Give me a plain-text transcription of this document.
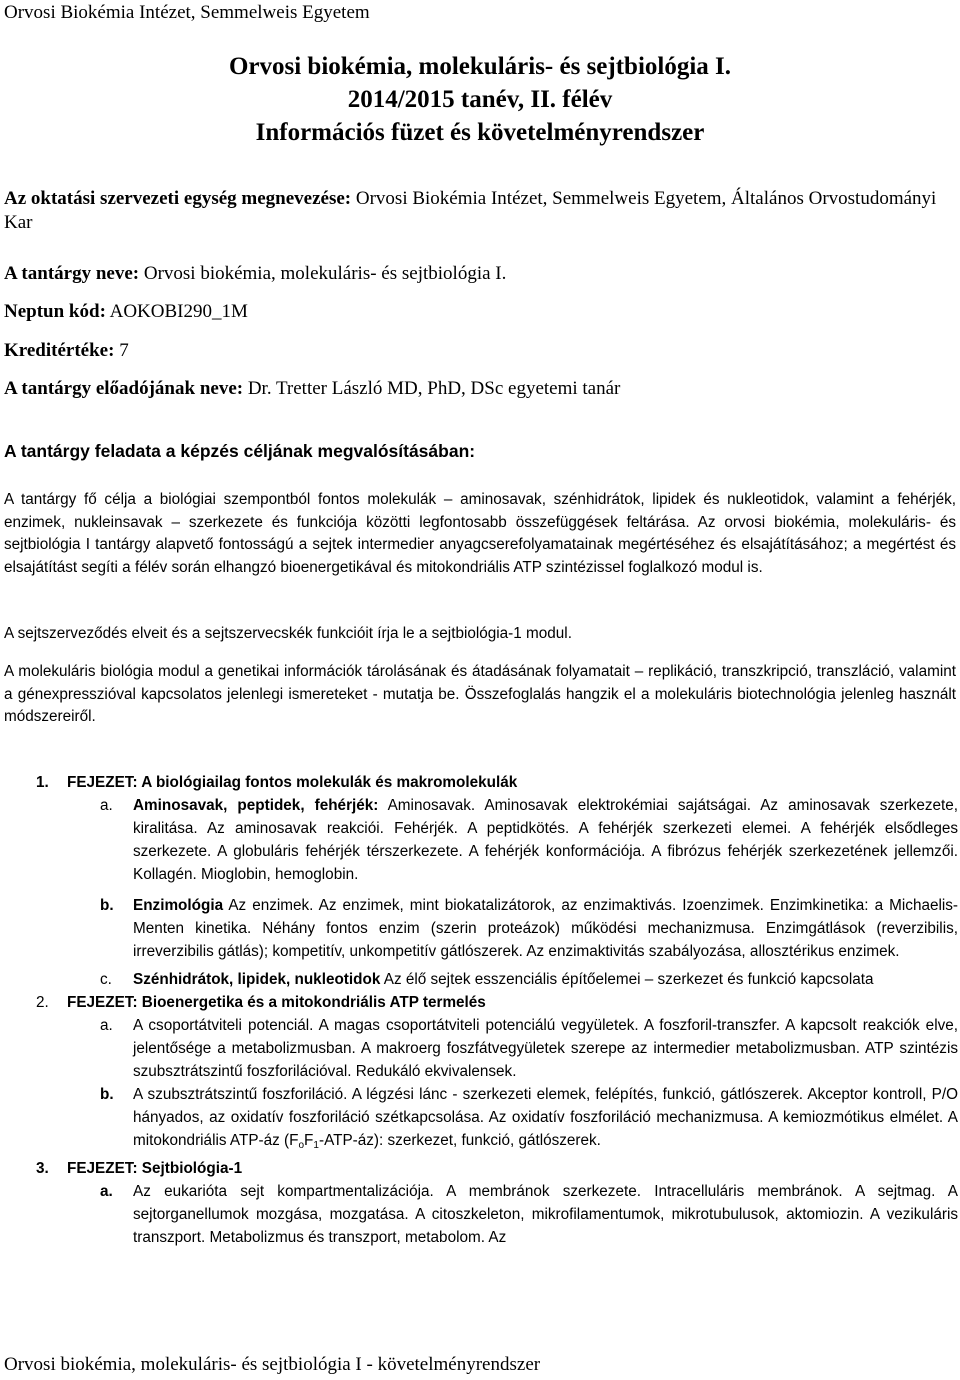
Orvosi Biokémia Intézet, Semmelweis Egyetem
Orvosi biokémia, molekuláris- és sejtbiológia I.
2014/2015 tanév, II. félév
Információs füzet és követelményrendszer
Az oktatási szervezeti egység megnevezése: Orvosi Biokémia Intézet, Semmelweis Egyetem, Általános Orvostudományi Kar
A tantárgy neve: Orvosi biokémia, molekuláris- és sejtbiológia I.
Neptun kód: AOKOBI290_1M
Kreditértéke: 7
A tantárgy előadójának neve: Dr. Tretter László MD, PhD, DSc egyetemi tanár
A tantárgy feladata a képzés céljának megvalósításában:
A tantárgy fő célja a biológiai szempontból fontos molekulák – aminosavak, szénhidrátok, lipidek és nukleotidok, valamint a fehérjék, enzimek, nukleinsavak – szerkezete és funkciója közötti legfontosabb összefüggések feltárása. Az orvosi biokémia, molekuláris- és sejtbiológia I tantárgy alapvető fontosságú a sejtek intermedier anyagcserefolyamatainak megértéséhez és elsajátításához; a megértést és elsajátítást segíti a félév során elhangzó bioenergetikával és mitokondriális ATP szintézissel foglalkozó modul is.
A sejtszerveződés elveit és a sejtszervecskék funkcióit írja le a sejtbiológia-1 modul.
A molekuláris biológia modul a genetikai információk tárolásának és átadásának folyamatait – replikáció, transzkripció, transzláció, valamint a génexpresszióval kapcsolatos jelenlegi ismereteket - mutatja be. Összefoglalás hangzik el a molekuláris biotechnológia jelenleg használt módszereiről.
1. FEJEZET: A biológiailag fontos molekulák és makromolekulák
a. Aminosavak, peptidek, fehérjék: Aminosavak. Aminosavak elektrokémiai sajátságai. Az aminosavak szerkezete, kiralitása. Az aminosavak reakciói. Fehérjék. A peptidkötés. A fehérjék szerkezeti elemei. A fehérjék elsődleges szerkezete. A globuláris fehérjék térszerkezete. A fehérjék konformációja. A fibrózus fehérjék szerkezetének jellemzői. Kollagén. Mioglobin, hemoglobin.
b. Enzimológia Az enzimek. Az enzimek, mint biokatalizátorok, az enzimaktivás. Izoenzimek. Enzimkinetika: a Michaelis-Menten kinetika. Néhány fontos enzim (szerin proteázok) működési mechanizmusa. Enzimgátlások (reverzibilis, irreverzibilis gátlás); kompetitív, unkompetitív gátlószerek. Az enzimaktivitás szabályozása, allosztérikus enzimek.
c. Szénhidrátok, lipidek, nukleotidok Az élő sejtek esszenciális építőelemei – szerkezet és funkció kapcsolata
2. FEJEZET: Bioenergetika és a mitokondriális ATP termelés
a. A csoportátviteli potenciál. A magas csoportátviteli potenciálú vegyületek. A foszforil-transzfer. A kapcsolt reakciók elve, jelentősége a metabolizmusban. A makroerg foszfátvegyületek szerepe az intermedier metabolizmusban. ATP szintézis szubsztrátszintű foszforilációval. Redukáló ekvivalensek.
b. A szubsztrátszintű foszforiláció. A légzési lánc - szerkezeti elemek, felépítés, funkció, gátlószerek. Akceptor kontroll, P/O hányados, az oxidatív foszforiláció szétkapcsolása. Az oxidatív foszforiláció mechanizmusa. A kemiozmótikus elmélet. A mitokondriális ATP-áz $(F_oF_1-ATP-áz)$: szerkezet, funkció, gátlószerek.
3. FEJEZET: Sejtbiológia-1
a. Az eukarióta sejt kompartmentalizációja. A membránok szerkezete. Intracelluláris membránok. A sejtmag. A sejtorganellumok mozgása, mozgatása. A citoszkeleton, mikrofilamentumok, mikrotubulusok, aktomiozin. A vezikuláris transzport. Metabolizmus és transzport, metabolom. Az
Orvosi biokémia, molekuláris- és sejtbiológia I - követelményrendszer
